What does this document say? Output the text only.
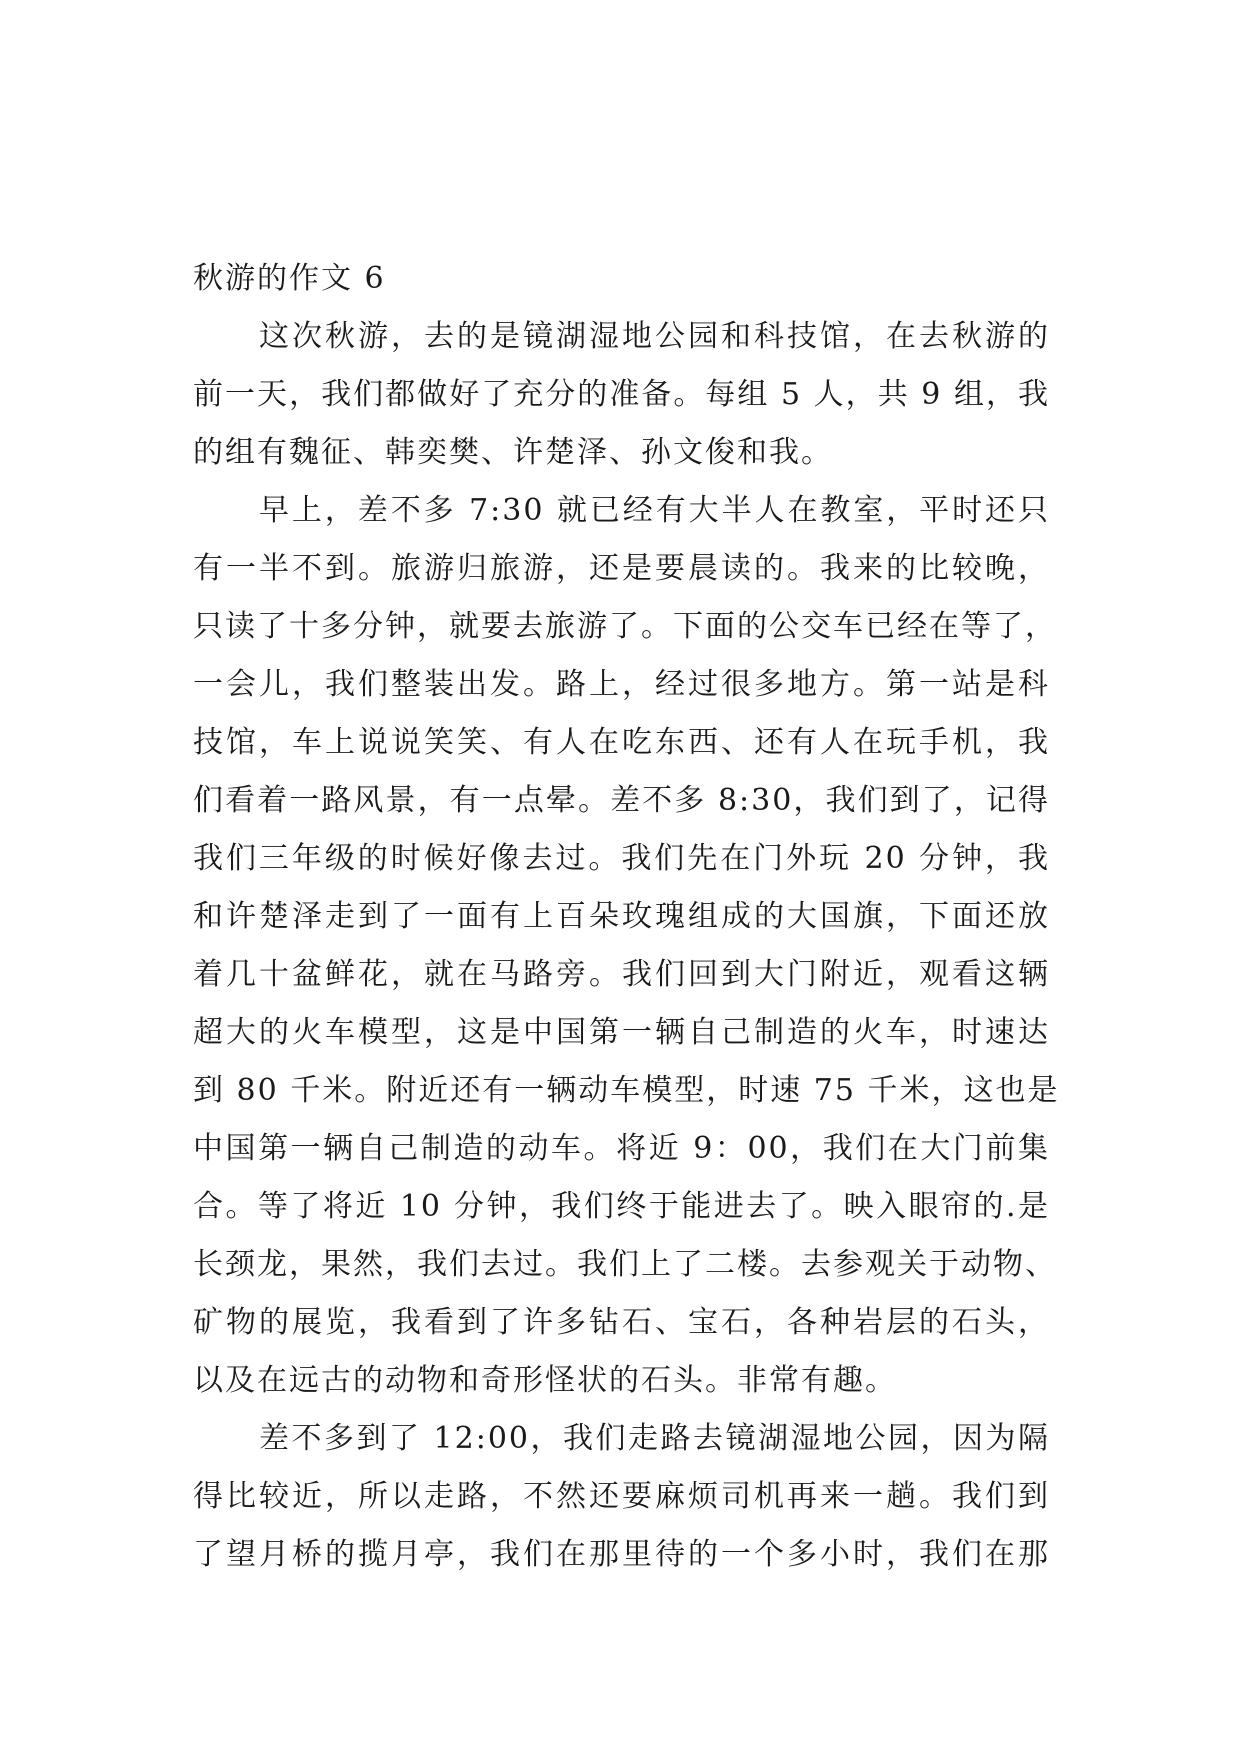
秋游的作文 6
这次秋游，去的是镜湖湿地公园和科技馆，在去秋游的
前一天，我们都做好了充分的准备。每组 5 人，共 9 组，我
的组有魏征、韩奕樊、许楚泽、孙文俊和我。
早上，差不多 7:30 就已经有大半人在教室，平时还只
有一半不到。旅游归旅游，还是要晨读的。我来的比较晚，
只读了十多分钟，就要去旅游了。下面的公交车已经在等了，
一会儿，我们整装出发。路上，经过很多地方。第一站是科
技馆，车上说说笑笑、有人在吃东西、还有人在玩手机，我
们看着一路风景，有一点晕。差不多 8:30，我们到了，记得
我们三年级的时候好像去过。我们先在门外玩 20 分钟，我
和许楚泽走到了一面有上百朵玫瑰组成的大国旗，下面还放
着几十盆鲜花，就在马路旁。我们回到大门附近，观看这辆
超大的火车模型，这是中国第一辆自己制造的火车，时速达
到 80 千米。附近还有一辆动车模型，时速 75 千米，这也是
中国第一辆自己制造的动车。将近 9：00，我们在大门前集
合。等了将近 10 分钟，我们终于能进去了。映入眼帘的.是
长颈龙，果然，我们去过。我们上了二楼。去参观关于动物、
矿物的展览，我看到了许多钻石、宝石，各种岩层的石头，
以及在远古的动物和奇形怪状的石头。非常有趣。
差不多到了 12:00，我们走路去镜湖湿地公园，因为隔
得比较近，所以走路，不然还要麻烦司机再来一趟。我们到
了望月桥的揽月亭，我们在那里待的一个多小时，我们在那
